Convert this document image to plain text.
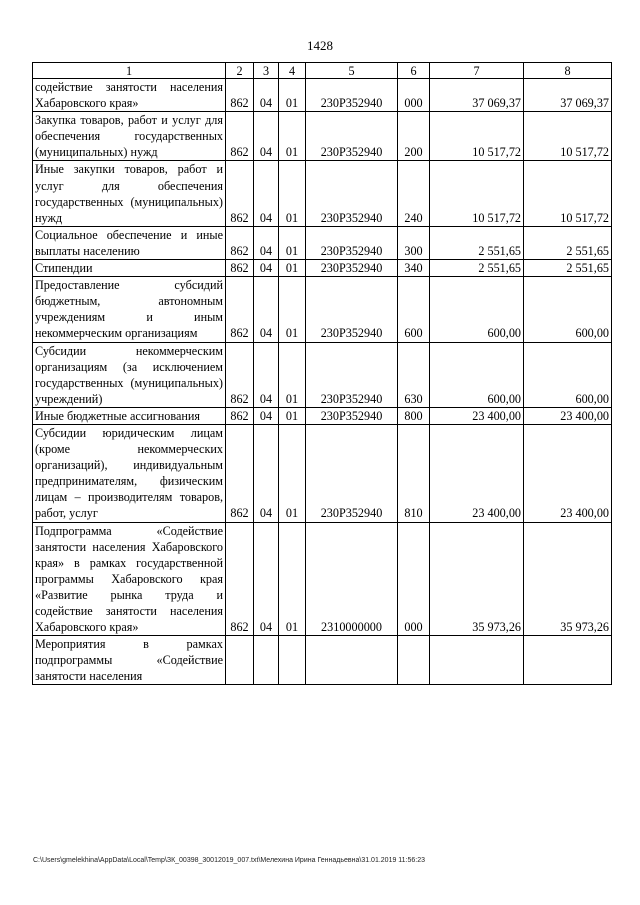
1428
1	2	3	4	5	6	7	8
содействие занятости населения Хабаровского края»	862	04	01	230P352940	000	37 069,37	37 069,37
Закупка товаров, работ и услуг для обеспечения государственных (муниципальных) нужд	862	04	01	230P352940	200	10 517,72	10 517,72
Иные закупки товаров, работ и услуг для обеспечения государственных (муниципальных) нужд	862	04	01	230P352940	240	10 517,72	10 517,72
Социальное обеспечение и иные выплаты населению	862	04	01	230P352940	300	2 551,65	2 551,65
Стипендии	862	04	01	230P352940	340	2 551,65	2 551,65
Предоставление субсидий бюджетным, автономным учреждениям и иным некоммерческим организациям	862	04	01	230P352940	600	600,00	600,00
Субсидии некоммерческим организациям (за исключением государственных (муниципальных) учреждений)	862	04	01	230P352940	630	600,00	600,00
Иные бюджетные ассигнования	862	04	01	230P352940	800	23 400,00	23 400,00
Субсидии юридическим лицам (кроме некоммерческих организаций), индивидуальным предпринимателям, физическим лицам – производителям товаров, работ, услуг	862	04	01	230P352940	810	23 400,00	23 400,00
Подпрограмма «Содействие занятости населения Хабаровского края» в рамках государственной программы Хабаровского края «Развитие рынка труда и содействие занятости населения Хабаровского края»	862	04	01	2310000000	000	35 973,26	35 973,26
Мероприятия в рамках подпрограммы «Содействие занятости населения							
C:\Users\gmelekhina\AppData\Local\Temp\ЗК_00398_30012019_007.txt\Мелехина Ирина Геннадьевна\31.01.2019 11:56:23
